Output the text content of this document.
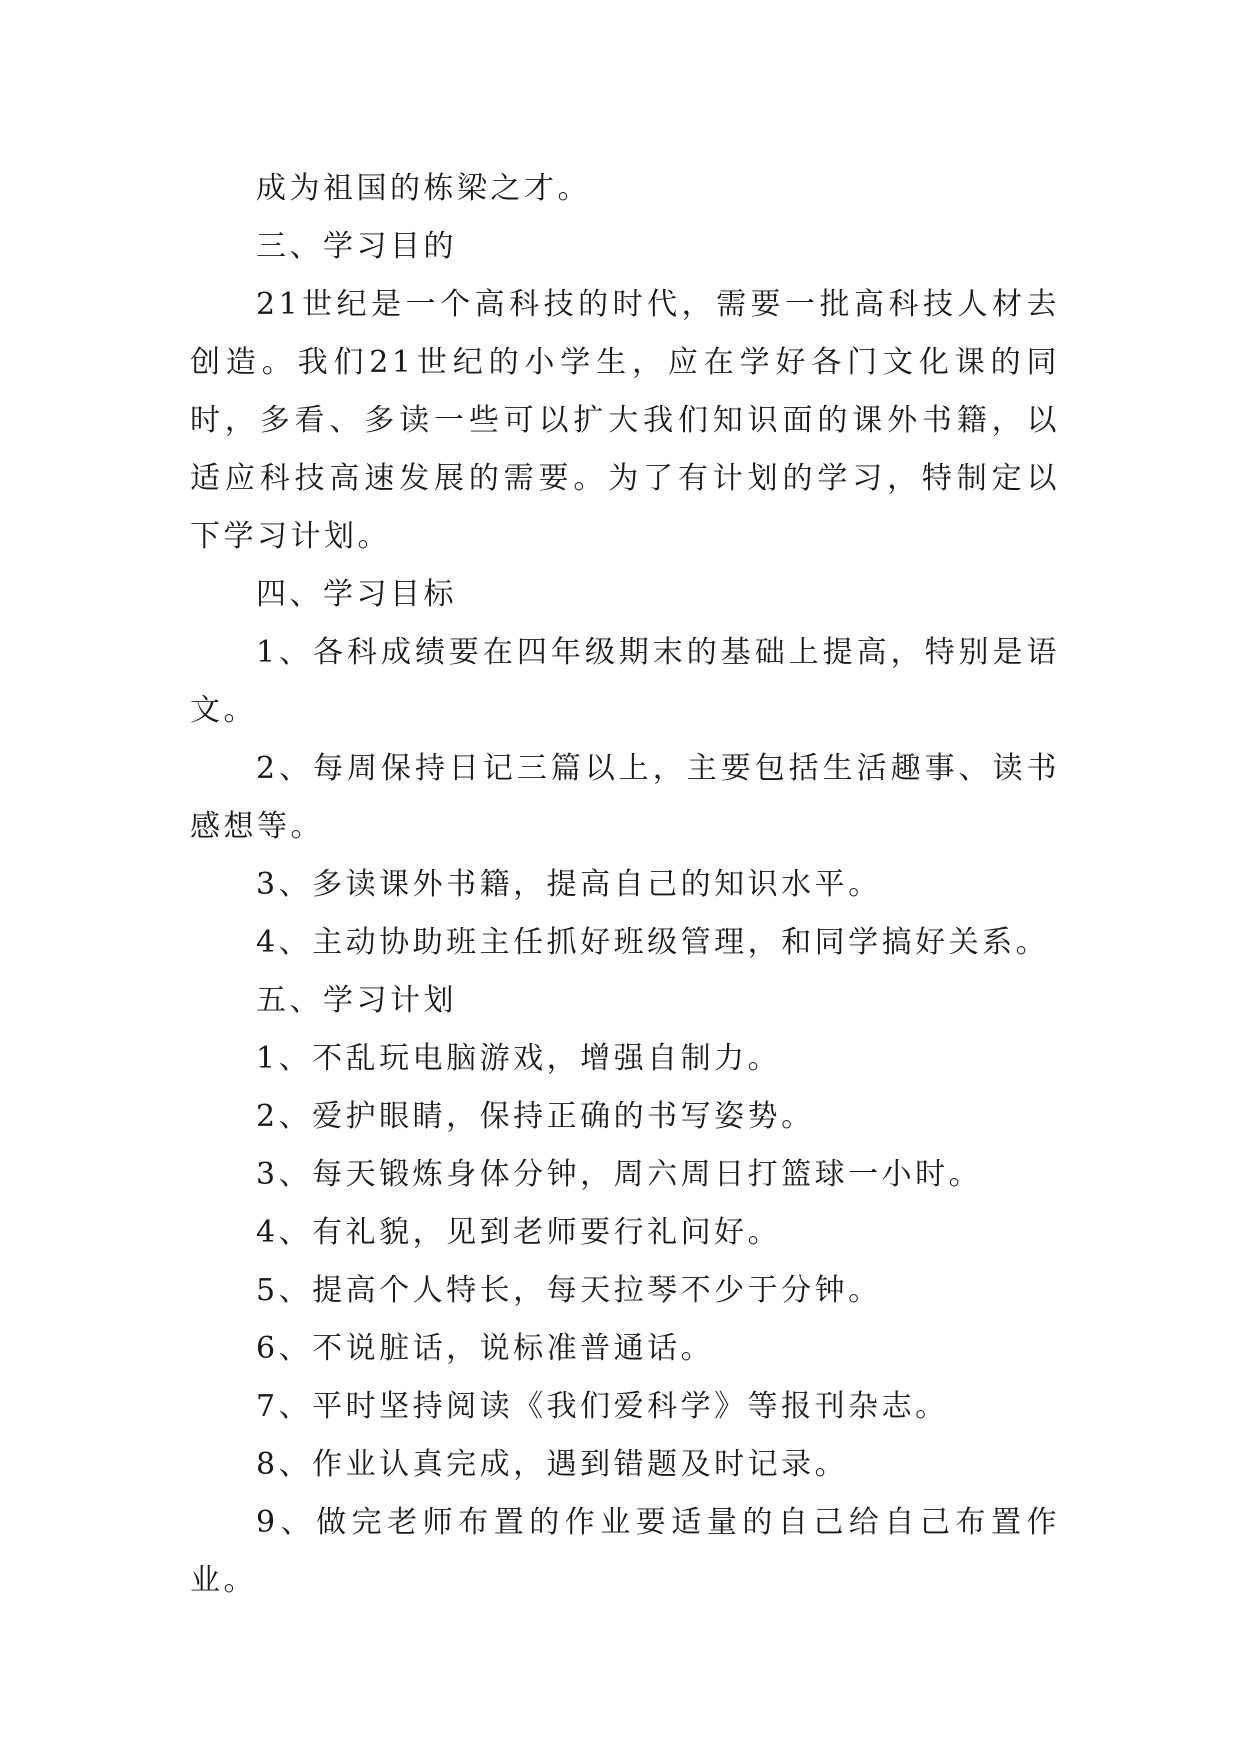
成为祖国的栋梁之才。

三、学习目的

21世纪是一个高科技的时代，需要一批高科技人材去创造。我们21世纪的小学生，应在学好各门文化课的同时，多看、多读一些可以扩大我们知识面的课外书籍，以适应科技高速发展的需要。为了有计划的学习，特制定以下学习计划。

四、学习目标

1、各科成绩要在四年级期末的基础上提高，特别是语文。

2、每周保持日记三篇以上，主要包括生活趣事、读书感想等。

3、多读课外书籍，提高自己的知识水平。

4、主动协助班主任抓好班级管理，和同学搞好关系。

五、学习计划

1、不乱玩电脑游戏，增强自制力。

2、爱护眼睛，保持正确的书写姿势。

3、每天锻炼身体分钟，周六周日打篮球一小时。

4、有礼貌，见到老师要行礼问好。

5、提高个人特长，每天拉琴不少于分钟。

6、不说脏话，说标准普通话。

7、平时坚持阅读《我们爱科学》等报刊杂志。

8、作业认真完成，遇到错题及时记录。

9、做完老师布置的作业要适量的自己给自己布置作业。
